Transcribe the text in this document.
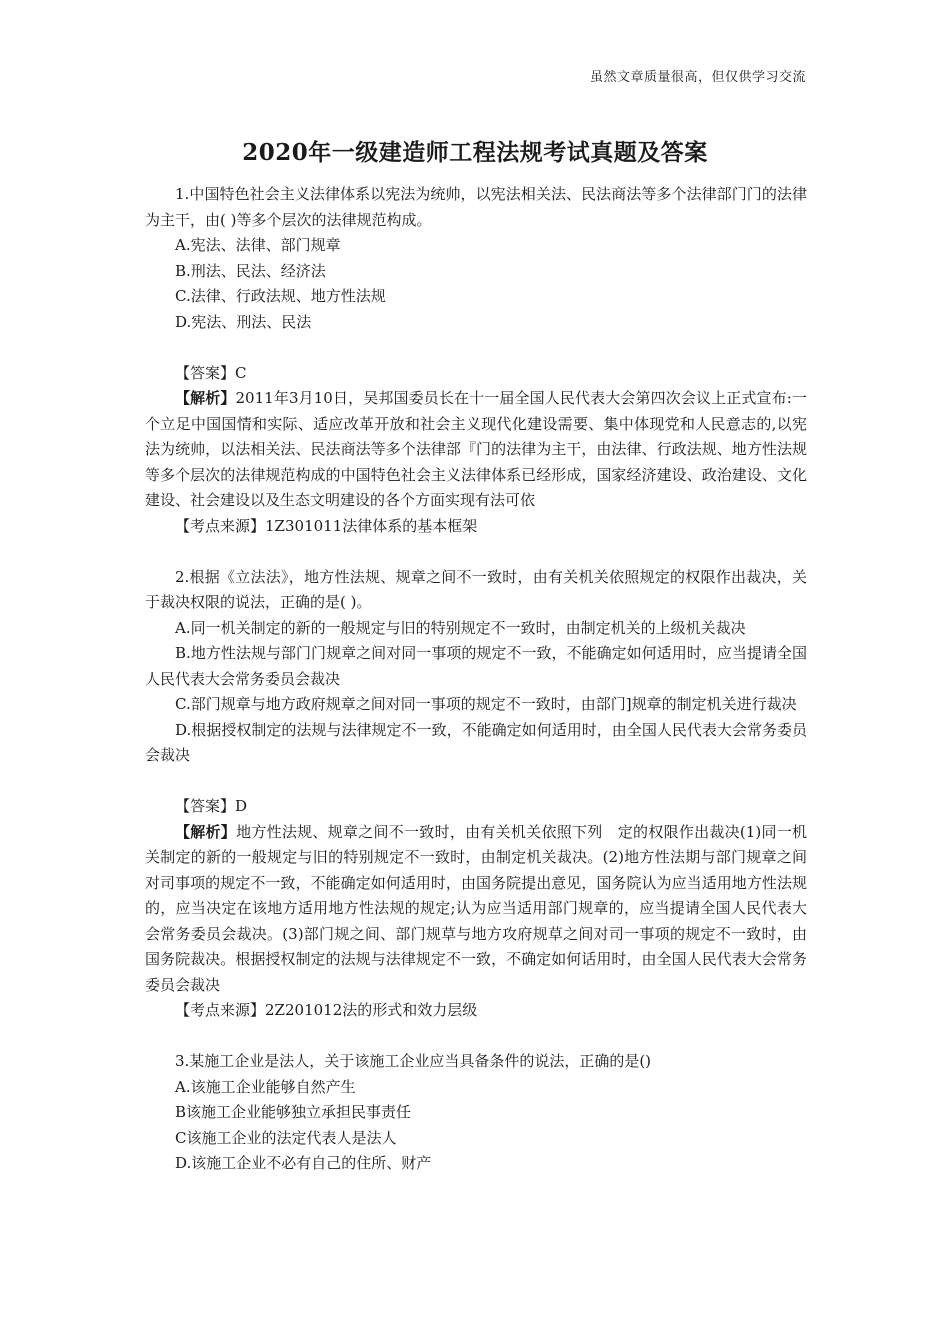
虽然文章质量很高，但仅供学习交流
2020年一级建造师工程法规考试真题及答案

1.中国特色社会主义法律体系以宪法为统帅，以宪法相关法、民法商法等多个法律部门门的法律为主干，由( )等多个层次的法律规范构成。

A.宪法、法律、部门规章

B.刑法、民法、经济法

C.法律、行政法规、地方性法规

D.宪法、刑法、民法

【答案】C

【解析】2011年3月10日，吴邦国委员长在十一届全国人民代表大会第四次会议上正式宣布:一个立足中国国情和实际、适应改革开放和社会主义现代化建设需要、集中体现党和人民意志的,以宪法为统帅，以法相关法、民法商法等多个法律部『门的法律为主干，由法律、行政法规、地方性法规等多个层次的法律规范构成的中国特色社会主义法律体系已经形成，国家经济建设、政治建设、文化建设、社会建设以及生态文明建设的各个方面实现有法可依

【考点来源】1Z301011法律体系的基本框架

2.根据《立法法》，地方性法规、规章之间不一致时，由有关机关依照规定的权限作出裁决，关于裁决权限的说法，正确的是( )。

A.同一机关制定的新的一般规定与旧的特别规定不一致时，由制定机关的上级机关裁决

B.地方性法规与部门门规章之间对同一事项的规定不一致，不能确定如何适用时，应当提请全国人民代表大会常务委员会裁决

C.部门规章与地方政府规章之间对同一事项的规定不一致时，由部门]规章的制定机关进行裁决

D.根据授权制定的法规与法律规定不一致，不能确定如何适用时，由全国人民代表大会常务委员会裁决

【答案】D

【解析】地方性法规、规章之间不一致时，由有关机关依照下列　定的权限作出裁决(1)同一机关制定的新的一般规定与旧的特别规定不一致时，由制定机关裁决。(2)地方性法期与部门规章之间对司事项的规定不一致，不能确定如何适用时，由国务院提出意见，国务院认为应当适用地方性法规的，应当决定在该地方适用地方性法规的规定;认为应当适用部门规章的，应当提请全国人民代表大会常务委员会裁决。(3)部门规之间、部门规草与地方攻府规草之间对司一事项的规定不一致时，由国务院裁决。根据授权制定的法规与法律规定不一致，不确定如何话用时，由全国人民代表大会常务委员会裁决

【考点来源】2Z201012法的形式和效力层级

3.某施工企业是法人，关于该施工企业应当具备条件的说法，正确的是()

A.该施工企业能够自然产生

B该施工企业能够独立承担民事责任

C该施工企业的法定代表人是法人

D.该施工企业不必有自己的住所、财产
